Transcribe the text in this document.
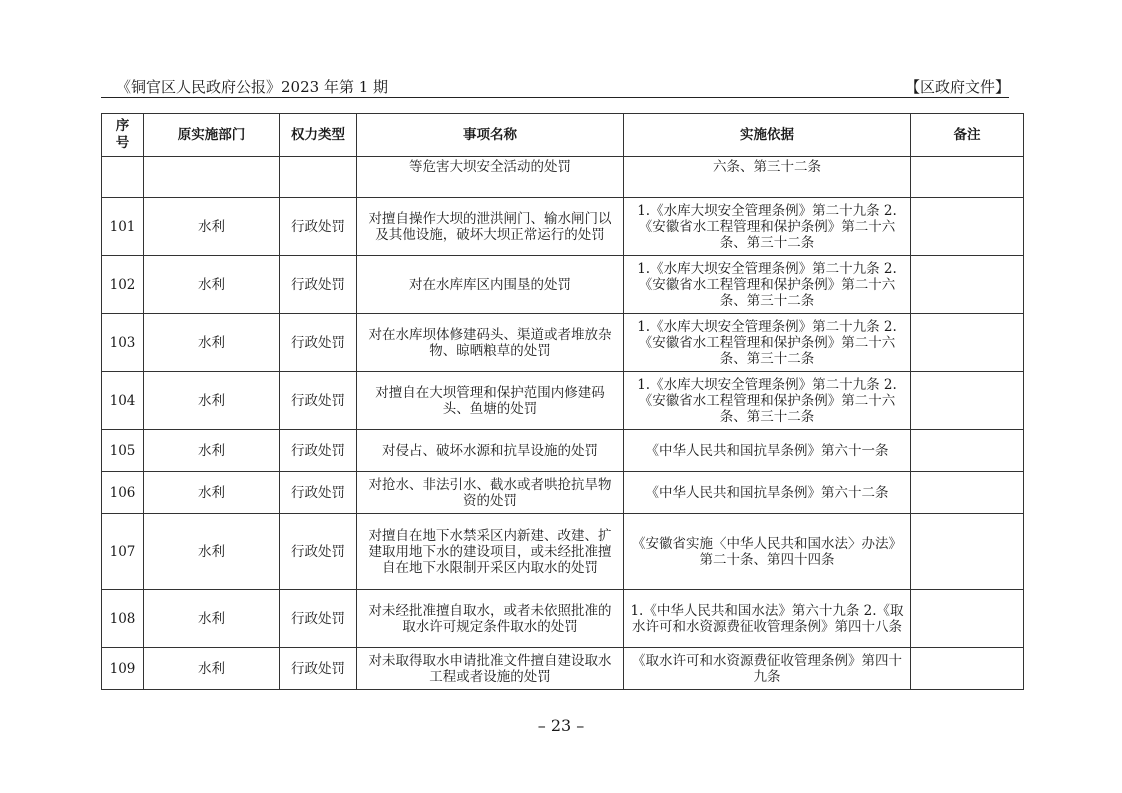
《铜官区人民政府公报》2023 年第 1 期	【区政府文件】
序号	原实施部门	权力类型	事项名称	实施依据	备注
			等危害大坝安全活动的处罚	六条、第三十二条	
101	水利	行政处罚	对擅自操作大坝的泄洪闸门、输水闸门以及其他设施，破坏大坝正常运行的处罚	1.《水库大坝安全管理条例》第二十九条 2.《安徽省水工程管理和保护条例》第二十六条、第三十二条	
102	水利	行政处罚	对在水库库区内围垦的处罚	1.《水库大坝安全管理条例》第二十九条 2.《安徽省水工程管理和保护条例》第二十六条、第三十二条	
103	水利	行政处罚	对在水库坝体修建码头、渠道或者堆放杂物、晾晒粮草的处罚	1.《水库大坝安全管理条例》第二十九条 2.《安徽省水工程管理和保护条例》第二十六条、第三十二条	
104	水利	行政处罚	对擅自在大坝管理和保护范围内修建码头、鱼塘的处罚	1.《水库大坝安全管理条例》第二十九条 2.《安徽省水工程管理和保护条例》第二十六条、第三十二条	
105	水利	行政处罚	对侵占、破坏水源和抗旱设施的处罚	《中华人民共和国抗旱条例》第六十一条	
106	水利	行政处罚	对抢水、非法引水、截水或者哄抢抗旱物资的处罚	《中华人民共和国抗旱条例》第六十二条	
107	水利	行政处罚	对擅自在地下水禁采区内新建、改建、扩建取用地下水的建设项目，或未经批准擅自在地下水限制开采区内取水的处罚	《安徽省实施〈中华人民共和国水法〉办法》第二十条、第四十四条	
108	水利	行政处罚	对未经批准擅自取水，或者未依照批准的取水许可规定条件取水的处罚	1.《中华人民共和国水法》第六十九条 2.《取水许可和水资源费征收管理条例》第四十八条	
109	水利	行政处罚	对未取得取水申请批准文件擅自建设取水工程或者设施的处罚	《取水许可和水资源费征收管理条例》第四十九条	
– 23 –
